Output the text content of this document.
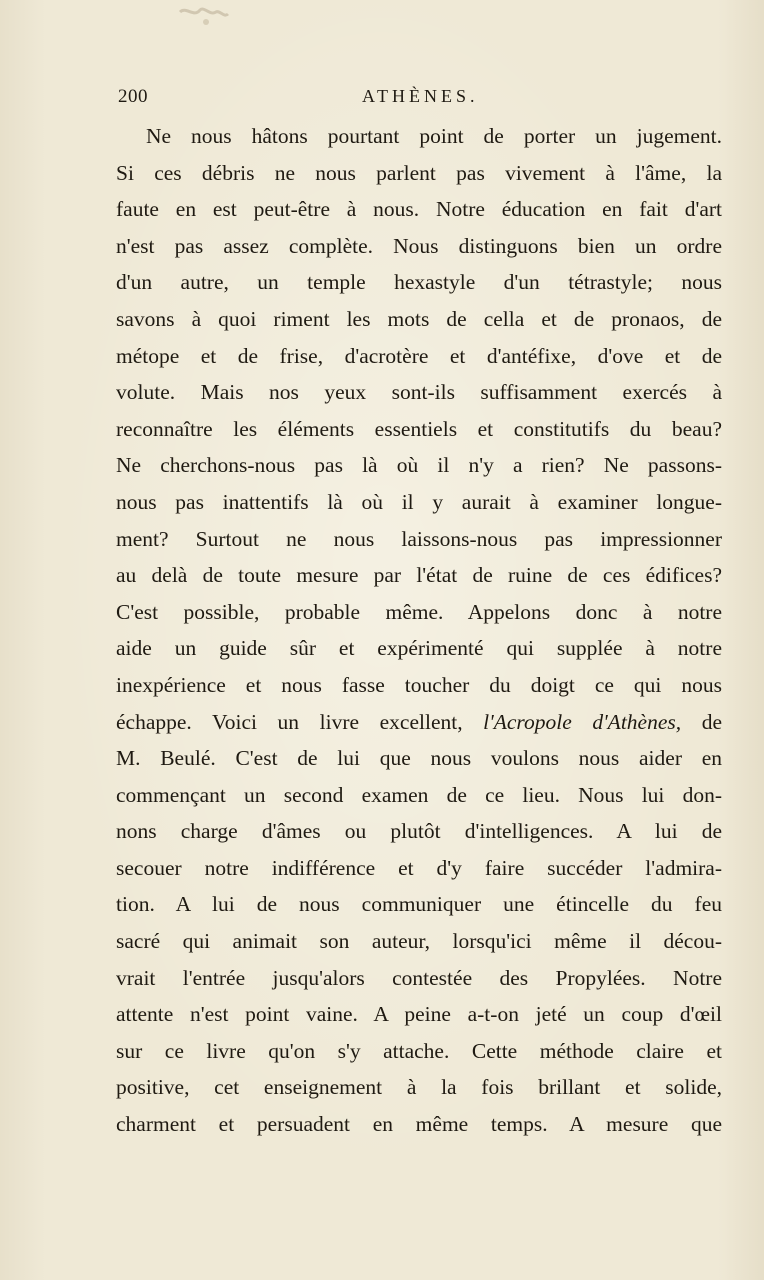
200	ATHÈNES.
Ne nous hâtons pourtant point de porter un jugement.
Si ces débris ne nous parlent pas vivement à l'âme, la
faute en est peut-être à nous. Notre éducation en fait d'art
n'est pas assez complète. Nous distinguons bien un ordre
d'un autre, un temple hexastyle d'un tétrastyle; nous
savons à quoi riment les mots de cella et de pronaos, de
métope et de frise, d'acrotère et d'antéfixe, d'ove et de
volute. Mais nos yeux sont-ils suffisamment exercés à
reconnaître les éléments essentiels et constitutifs du beau?
Ne cherchons-nous pas là où il n'y a rien? Ne passons-
nous pas inattentifs là où il y aurait à examiner longue-
ment? Surtout ne nous laissons-nous pas impressionner
au delà de toute mesure par l'état de ruine de ces édifices?
C'est possible, probable même. Appelons donc à notre
aide un guide sûr et expérimenté qui supplée à notre
inexpérience et nous fasse toucher du doigt ce qui nous
échappe. Voici un livre excellent, l'Acropole d'Athènes, de
M. Beulé. C'est de lui que nous voulons nous aider en
commençant un second examen de ce lieu. Nous lui don-
nons charge d'âmes ou plutôt d'intelligences. A lui de
secouer notre indifférence et d'y faire succéder l'admira-
tion. A lui de nous communiquer une étincelle du feu
sacré qui animait son auteur, lorsqu'ici même il décou-
vrait l'entrée jusqu'alors contestée des Propylées. Notre
attente n'est point vaine. A peine a-t-on jeté un coup d'œil
sur ce livre qu'on s'y attache. Cette méthode claire et
positive, cet enseignement à la fois brillant et solide,
charment et persuadent en même temps. A mesure que
